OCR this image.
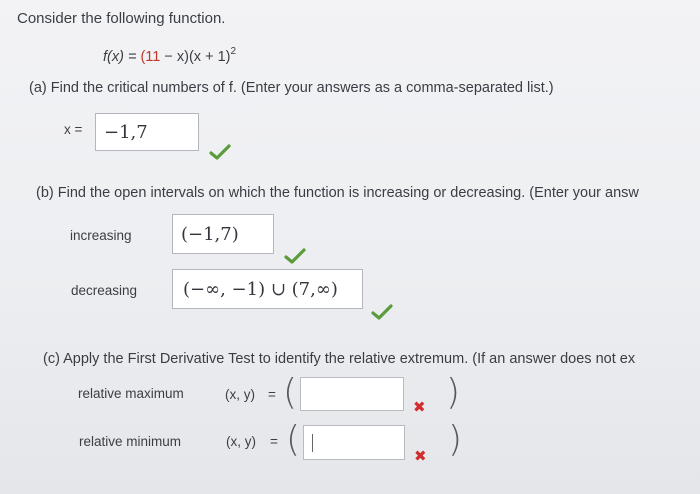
Consider the following function.
$f(x) = (11 - x)(x + 1)^2$
(a) Find the critical numbers of f. (Enter your answers as a comma-separated list.)
x = −1,7
(b) Find the open intervals on which the function is increasing or decreasing. (Enter your answ
increasing	(−1,7)
decreasing	(−∞, −1) ∪ (7,∞)
(c) Apply the First Derivative Test to identify the relative extremum. (If an answer does not ex
relative maximum	(x, y) = (	✖ )
relative minimum	(x, y) = (	✖ )
